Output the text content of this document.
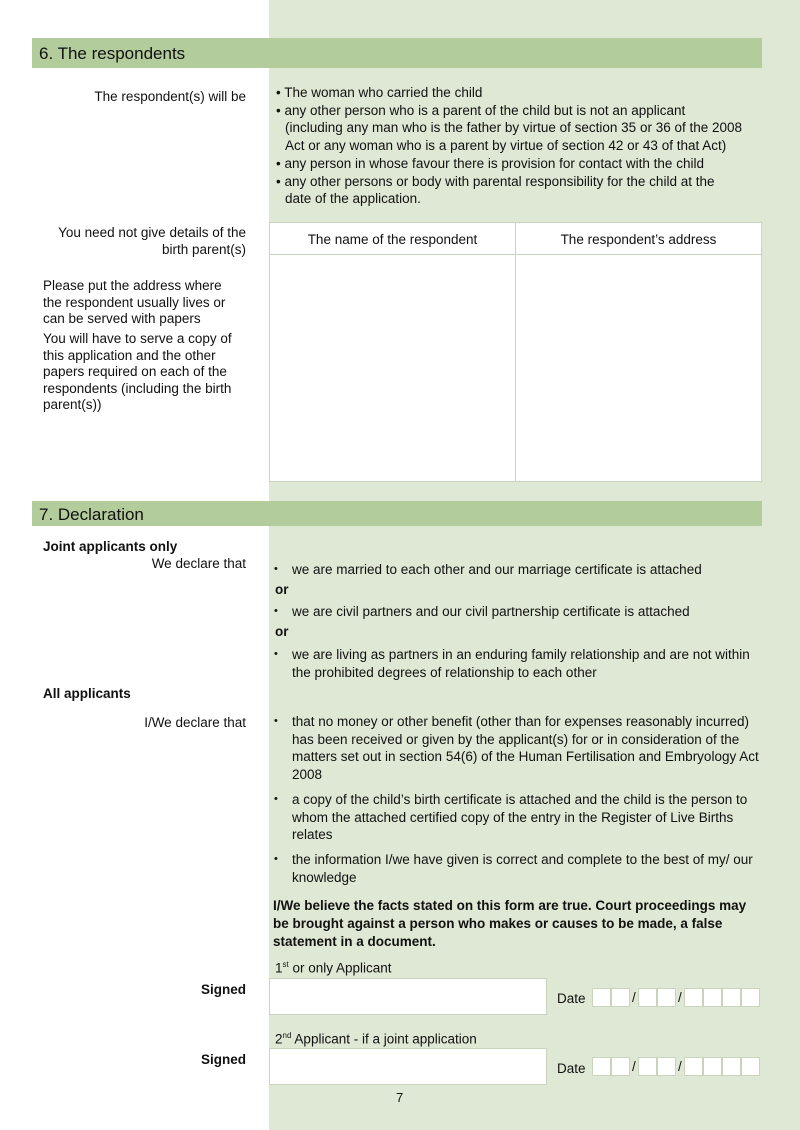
6. The respondents
The respondent(s) will be • The woman who carried the child
• any other person who is a parent of the child but is not an applicant
(including any man who is the father by virtue of section 35 or 36 of the 2008 Act or any woman who is a parent by virtue of section 42 or 43 of that Act)
• any person in whose favour there is provision for contact with the child
• any other persons or body with parental responsibility for the child at the
date of the application.
You need not give details of the birth parent(s)
Please put the address where the respondent usually lives or can be served with papers
You will have to serve a copy of this application and the other papers required on each of the respondents (including the birth parent(s))
The name of the respondent	The respondent’s address
7. Declaration
Joint applicants only
We declare that	•	we are married to each other and our marriage certificate is attached
or
•	we are civil partners and our civil partnership certificate is attached
or
•	we are living as partners in an enduring family relationship and are not within the prohibited degrees of relationship to each other
All applicants
I/We declare that	•	that no money or other benefit (other than for expenses reasonably incurred) has been received or given by the applicant(s) for or in consideration of the matters set out in section 54(6) of the Human Fertilisation and Embryology Act 2008
•	a copy of the child’s birth certificate is attached and the child is the person to whom the attached certified copy of the entry in the Register of Live Births relates
•	the information I/we have given is correct and complete to the best of my/ our knowledge
I/We believe the facts stated on this form are true. Court proceedings may be brought against a person who makes or causes to be made, a false statement in a document.
1st or only Applicant
Signed
Date	/	/
2nd Applicant - if a joint application
Signed
Date	/	/
7
